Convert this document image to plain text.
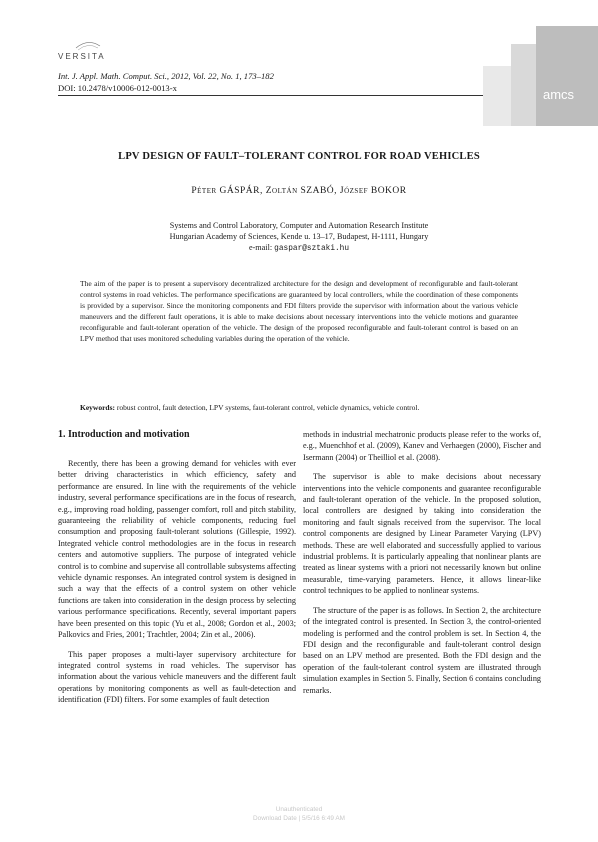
VERSITA
Int. J. Appl. Math. Comput. Sci., 2012, Vol. 22, No. 1, 173–182
DOI: 10.2478/v10006-012-0013-x	amcs
LPV DESIGN OF FAULT–TOLERANT CONTROL FOR ROAD VEHICLES
Péter GÁSPÁR, Zoltán SZABÓ, József BOKOR
Systems and Control Laboratory, Computer and Automation Research Institute
Hungarian Academy of Sciences, Kende u. 13–17, Budapest, H-1111, Hungary
e-mail: gaspar@sztaki.hu
The aim of the paper is to present a supervisory decentralized architecture for the design and development of reconfigurable and fault-tolerant control systems in road vehicles. The performance specifications are guaranteed by local controllers, while the coordination of these components is provided by a supervisor. Since the monitoring components and FDI filters provide the supervisor with information about the various vehicle maneuvers and the different fault operations, it is able to make decisions about necessary interventions into the vehicle motions and guarantee reconfigurable and fault-tolerant operation of the vehicle. The design of the proposed reconfigurable and fault-tolerant control is based on an LPV method that uses monitored scheduling variables during the operation of the vehicle.
Keywords: robust control, fault detection, LPV systems, faut-tolerant control, vehicle dynamics, vehicle control.
1. Introduction and motivation

Recently, there has been a growing demand for vehicles with ever better driving characteristics in which efficiency, safety and performance are ensured. In line with the requirements of the vehicle industry, several performance specifications are in the focus of research, e.g., improving road holding, passenger comfort, roll and pitch stability, guaranteeing the reliability of vehicle components, reducing fuel consumption and proposing fault-tolerant solutions (Gillespie, 1992). Integrated vehicle control methodologies are in the focus in research centers and automotive suppliers. The purpose of integrated vehicle control is to combine and supervise all controllable subsystems affecting vehicle dynamic responses. An integrated control system is designed in such a way that the effects of a control system on other vehicle functions are taken into consideration in the design process by selecting various performance specifications. Recently, several important papers have been presented on this topic (Yu et al., 2008; Gordon et al., 2003; Palkovics and Fries, 2001; Trachtler, 2004; Zin et al., 2006).

This paper proposes a multi-layer supervisory architecture for integrated control systems in road vehicles. The supervisor has information about the various vehicle maneuvers and the different fault operations by monitoring components as well as fault-detection and identification (FDI) filters. For some examples of fault detection

methods in industrial mechatronic products please refer to the works of, e.g., Muenchhof et al. (2009), Kanev and Verhaegen (2000), Fischer and Isermann (2004) or Theilliol et al. (2008).

The supervisor is able to make decisions about necessary interventions into the vehicle components and guarantee reconfigurable and fault-tolerant operation of the vehicle. In the proposed solution, local controllers are designed by taking into consideration the monitoring and fault signals received from the supervisor. The local control components are designed by Linear Parameter Varying (LPV) methods. These are well elaborated and successfully applied to various industrial problems. It is particularly appealing that nonlinear plants are treated as linear systems with a priori not necessarily known but online measurable, time-varying parameters. Hence, it allows linear-like control techniques to be applied to nonlinear systems.

The structure of the paper is as follows. In Section 2, the architecture of the integrated control is presented. In Section 3, the control-oriented modeling is performed and the control problem is set. In Section 4, the FDI design and the reconfigurable and fault-tolerant control design based on an LPV method are presented. Both the FDI design and the operation of the fault-tolerant control system are illustrated through simulation examples in Section 5. Finally, Section 6 contains concluding remarks.

Unauthenticated
Download Date | 5/5/16 6:49 AM
